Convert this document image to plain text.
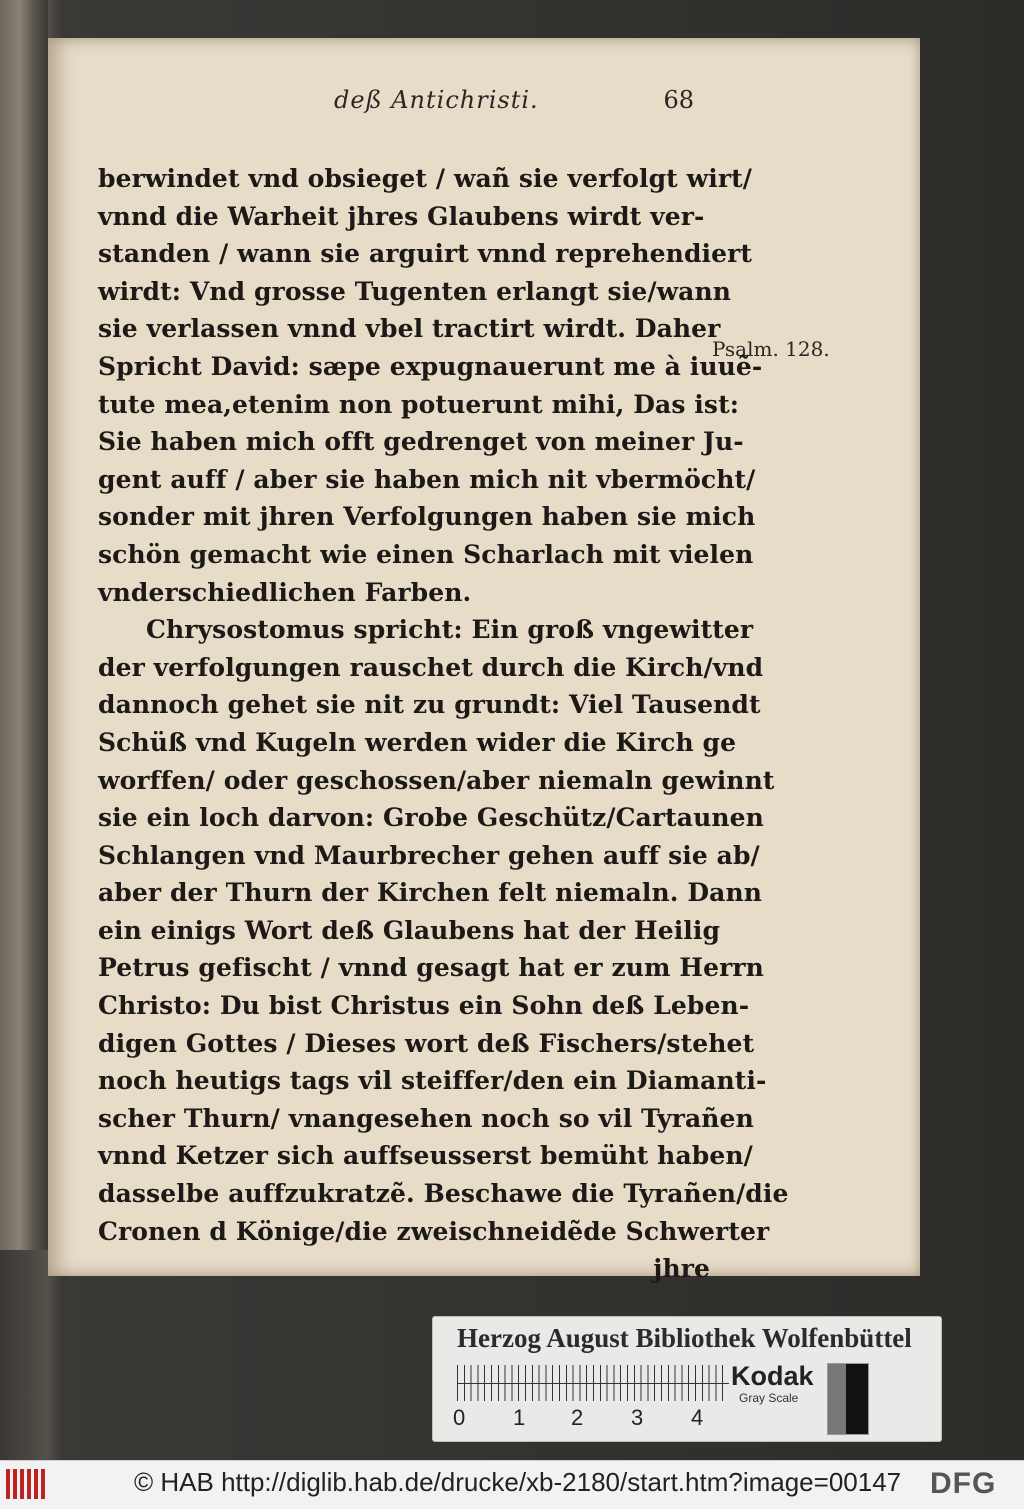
deß Antichristi.	68
Psalm. 128.
berwindet vnd obsieget / wañ sie verfolgt wirt/
vnnd die Warheit jhres Glaubens wirdt ver-
standen / wann sie arguirt vnnd reprehendiert
wirdt: Vnd grosse Tugenten erlangt sie/wann
sie verlassen vnnd vbel tractirt wirdt. Daher
Spricht David: sæpe expugnauerunt me à iuuẽ-
tute mea,etenim non potuerunt mihi, Das ist:
Sie haben mich offt gedrenget von meiner Ju-
gent auff / aber sie haben mich nit vbermöcht/
sonder mit jhren Verfolgungen haben sie mich
schön gemacht wie einen Scharlach mit vielen
vnderschiedlichen Farben.
Chrysostomus spricht: Ein groß vngewitter
der verfolgungen rauschet durch die Kirch/vnd
dannoch gehet sie nit zu grundt: Viel Tausendt
Schüß vnd Kugeln werden wider die Kirch ge
worffen/ oder geschossen/aber niemaln gewinnt
sie ein loch darvon: Grobe Geschütz/Cartaunen
Schlangen vnd Maurbrecher gehen auff sie ab/
aber der Thurn der Kirchen felt niemaln. Dann
ein einigs Wort deß Glaubens hat der Heilig
Petrus gefischt / vnnd gesagt hat er zum Herrn
Christo: Du bist Christus ein Sohn deß Leben-
digen Gottes / Dieses wort deß Fischers/stehet
noch heutigs tags vil steiffer/den ein Diamanti-
scher Thurn/ vnangesehen noch so vil Tyrañen
vnnd Ketzer sich auffseusserst bemüht haben/
dasselbe auffzukratzẽ. Beschawe die Tyrañen/die
Cronen d Könige/die zweischneidẽde Schwerter
jhre
Herzog August Bibliothek Wolfenbüttel
0 1 2 3 4
Kodak
Gray Scale
© HAB http://diglib.hab.de/drucke/xb-2180/start.htm?image=00147 DFG
